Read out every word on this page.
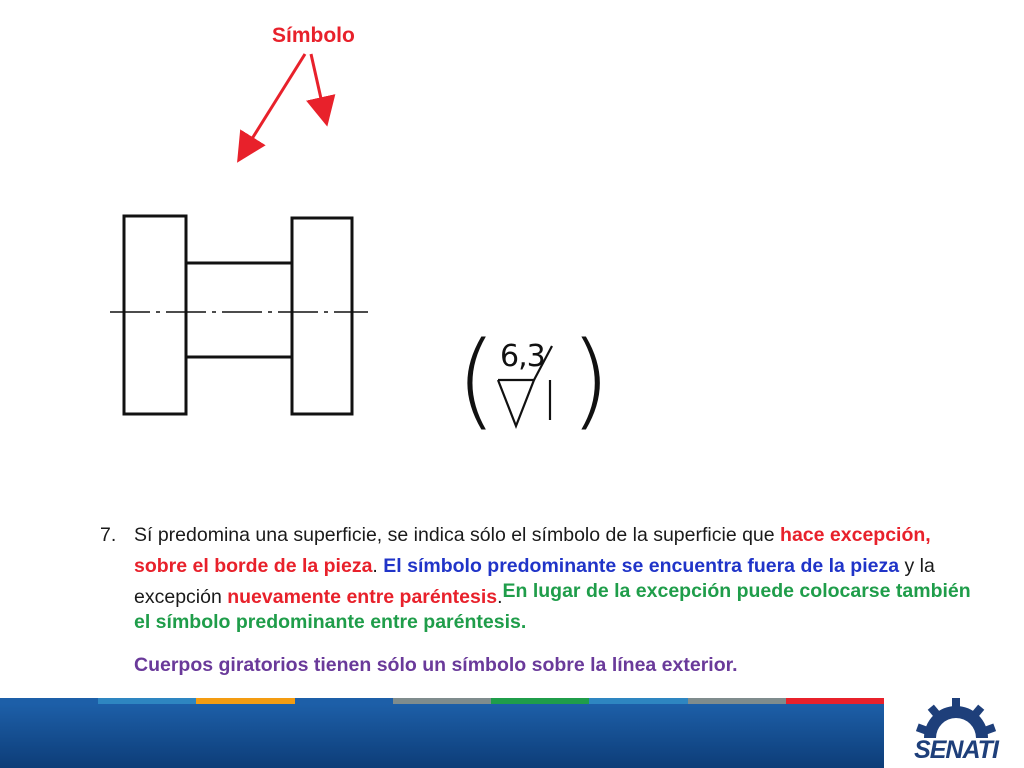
Símbolo
( 6,3 )
7. Sí predomina una superficie, se indica sólo el símbolo de la superficie que hace excepción, sobre el borde de la pieza. El símbolo predominante se encuentra fuera de la pieza y la excepción nuevamente entre paréntesis.En lugar de la excepción puede colocarse también el símbolo predominante entre paréntesis.
Cuerpos giratorios tienen sólo un símbolo sobre la línea exterior.
SENATI
